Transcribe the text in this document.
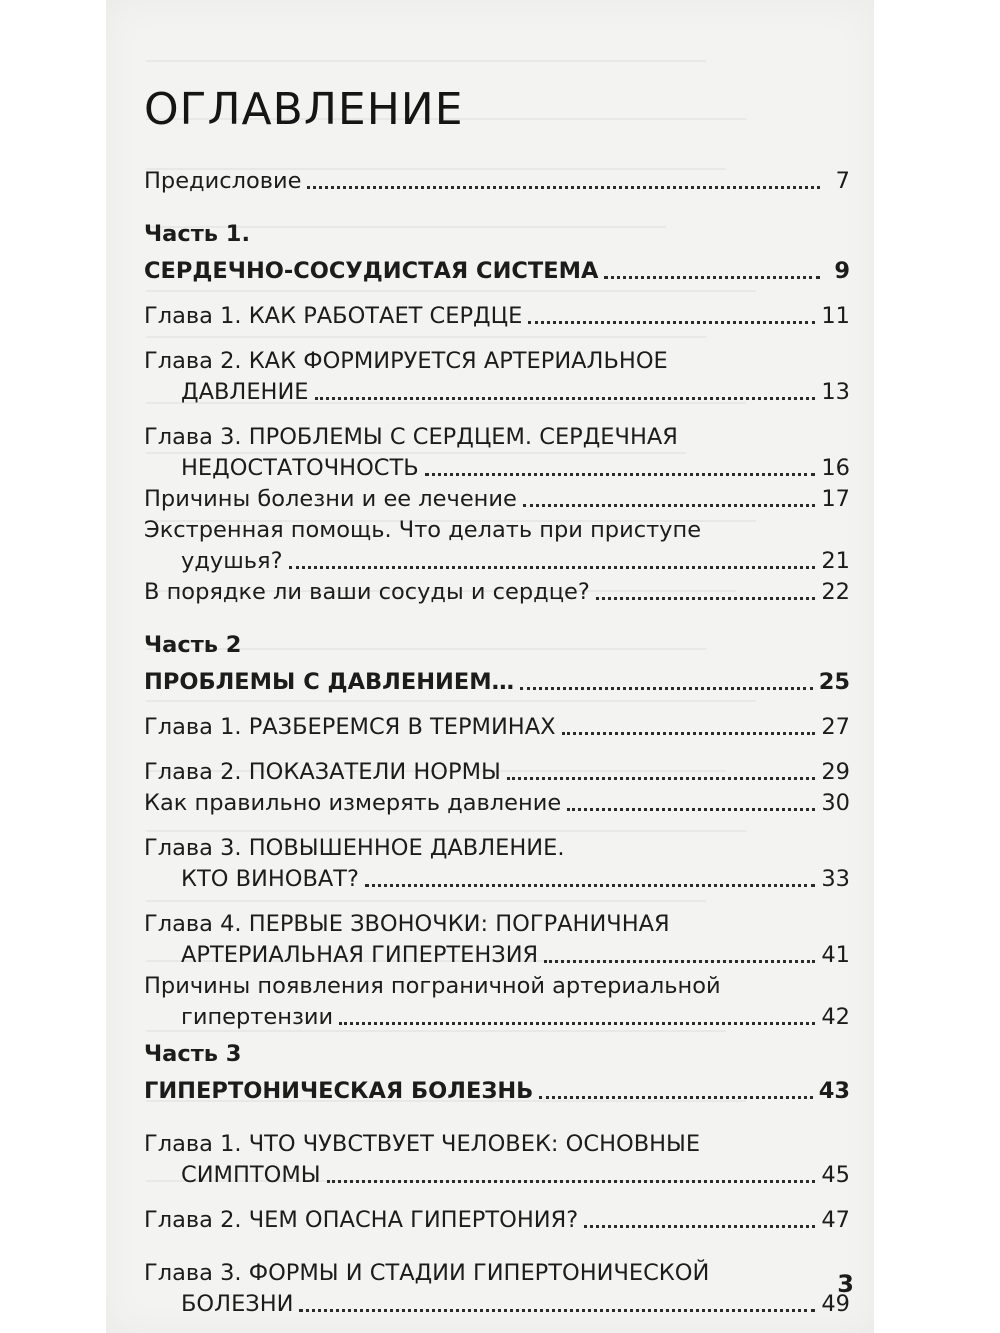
ОГЛАВЛЕНИЕ
Предисловие	7
Часть 1.
СЕРДЕЧНО-СОСУДИСТАЯ СИСТЕМА	9
Глава 1. КАК РАБОТАЕТ СЕРДЦЕ	11
Глава 2. КАК ФОРМИРУЕТСЯ АРТЕРИАЛЬНОЕ
ДАВЛЕНИЕ	13
Глава 3. ПРОБЛЕМЫ С СЕРДЦЕМ. СЕРДЕЧНАЯ
НЕДОСТАТОЧНОСТЬ	16
Причины болезни и ее лечение	17
Экстренная помощь. Что делать при приступе
удушья?	21
В порядке ли ваши сосуды и сердце?	22
Часть 2
ПРОБЛЕМЫ С ДАВЛЕНИЕМ…	25
Глава 1. РАЗБЕРЕМСЯ В ТЕРМИНАХ	27
Глава 2. ПОКАЗАТЕЛИ НОРМЫ	29
Как правильно измерять давление	30
Глава 3. ПОВЫШЕННОЕ ДАВЛЕНИЕ.
КТО ВИНОВАТ?	33
Глава 4. ПЕРВЫЕ ЗВОНОЧКИ: ПОГРАНИЧНАЯ
АРТЕРИАЛЬНАЯ ГИПЕРТЕНЗИЯ	41
Причины появления пограничной артериальной
гипертензии	42
Часть 3
ГИПЕРТОНИЧЕСКАЯ БОЛЕЗНЬ	43
Глава 1. ЧТО ЧУВСТВУЕТ ЧЕЛОВЕК: ОСНОВНЫЕ
СИМПТОМЫ	45
Глава 2. ЧЕМ ОПАСНА ГИПЕРТОНИЯ?	47
Глава 3. ФОРМЫ И СТАДИИ ГИПЕРТОНИЧЕСКОЙ
БОЛЕЗНИ	49
3
